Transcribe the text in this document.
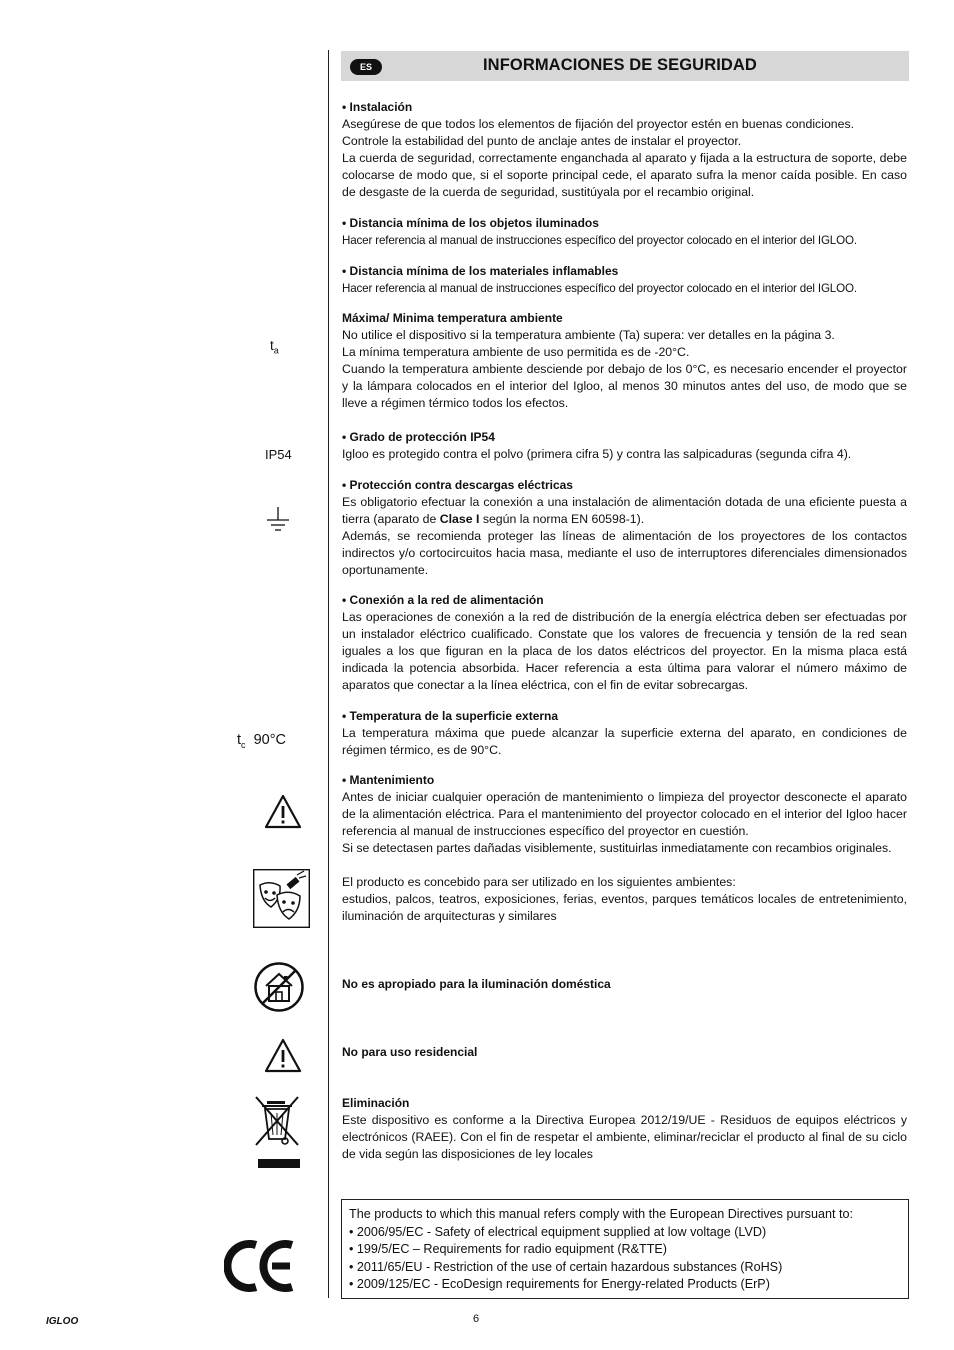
ES	INFORMACIONES DE SEGURIDAD
• Instalación

Asegúrese de que todos los elementos de fijación del proyector estén en buenas condiciones.

Controle la estabilidad del punto de anclaje antes de instalar el proyector.

La cuerda de seguridad, correctamente enganchada al aparato y fijada a la estructura de soporte, debe colocarse de modo que, si el soporte principal cede, el aparato sufra la menor caída posible. En caso de desgaste de la cuerda de seguridad, sustitúyala por el recambio original.

• Distancia mínima de los objetos iluminados

Hacer referencia al manual de instrucciones específico del proyector colocado en el interior del IGLOO.

• Distancia mínima de los materiales inflamables

Hacer referencia al manual de instrucciones específico del proyector colocado en el interior del IGLOO.

Máxima/ Minima temperatura ambiente

No utilice el dispositivo si la temperatura ambiente (Ta) supera: ver detalles en la página 3.

La mínima temperatura ambiente de uso permitida es de -20°C.

Cuando la temperatura ambiente desciende por debajo de los 0°C, es necesario encender el proyector y la lámpara colocados en el interior del Igloo, al menos 30 minutos antes del uso, de modo que se lleve a régimen térmico todos los efectos.

• Grado de protección IP54

Igloo es protegido contra el polvo (primera cifra 5) y contra las salpicaduras (segunda cifra 4).

• Protección contra descargas eléctricas

Es obligatorio efectuar la conexión a una instalación de alimentación dotada de una eficiente puesta a tierra (aparato de Clase I según la norma EN 60598-1).

Además, se recomienda proteger las líneas de alimentación de los proyectores de los contactos indirectos y/o cortocircuitos hacia masa, mediante el uso de interruptores diferenciales dimensionados oportunamente.

• Conexión a la red de alimentación

Las operaciones de conexión a la red de distribución de la energía eléctrica deben ser efectuadas por un instalador eléctrico cualificado. Constate que los valores de frecuencia y tensión de la red sean iguales a los que figuran en la placa de los datos eléctricos del proyector. En la misma placa está indicada la potencia absorbida. Hacer referencia a esta última para valorar el número máximo de aparatos que conectar a la línea eléctrica, con el fin de evitar sobrecargas.

• Temperatura de la superficie externa

La temperatura máxima que puede alcanzar la superficie externa del aparato, en condiciones de régimen térmico, es de 90°C.

• Mantenimiento

Antes de iniciar cualquier operación de mantenimiento o limpieza del proyector desconecte el aparato de la alimentación eléctrica. Para el mantenimiento del proyector colocado en el interior del Igloo hacer referencia al manual de instrucciones específico del proyector en cuestión.

Si se detectasen partes dañadas visiblemente, sustituirlas inmediatamente con recambios originales.

El producto es concebido para ser utilizado en los siguientes ambientes:

estudios, palcos, teatros, exposiciones, ferias, eventos, parques temáticos locales de entretenimiento, iluminación de arquitecturas y similares

No es apropiado para la iluminación doméstica
No para uso residencial
Eliminación

Este dispositivo es conforme a la Directiva Europea 2012/19/UE - Residuos de equipos eléctricos y electrónicos (RAEE). Con el fin de respetar el ambiente, eliminar/reciclar el producto al final de su ciclo de vida según las disposiciones de ley locales

The products to which this manual refers comply with the European Directives pursuant to:
• 2006/95/EC - Safety of electrical equipment supplied at low voltage (LVD)
• 199/5/EC – Requirements for radio equipment (R&TTE)
• 2011/65/EU - Restriction of the use of certain hazardous substances (RoHS)
• 2009/125/EC - EcoDesign requirements for Energy-related Products (ErP)
$t_a$
IP54
$t_c$ 90°C
IGLOO	6
